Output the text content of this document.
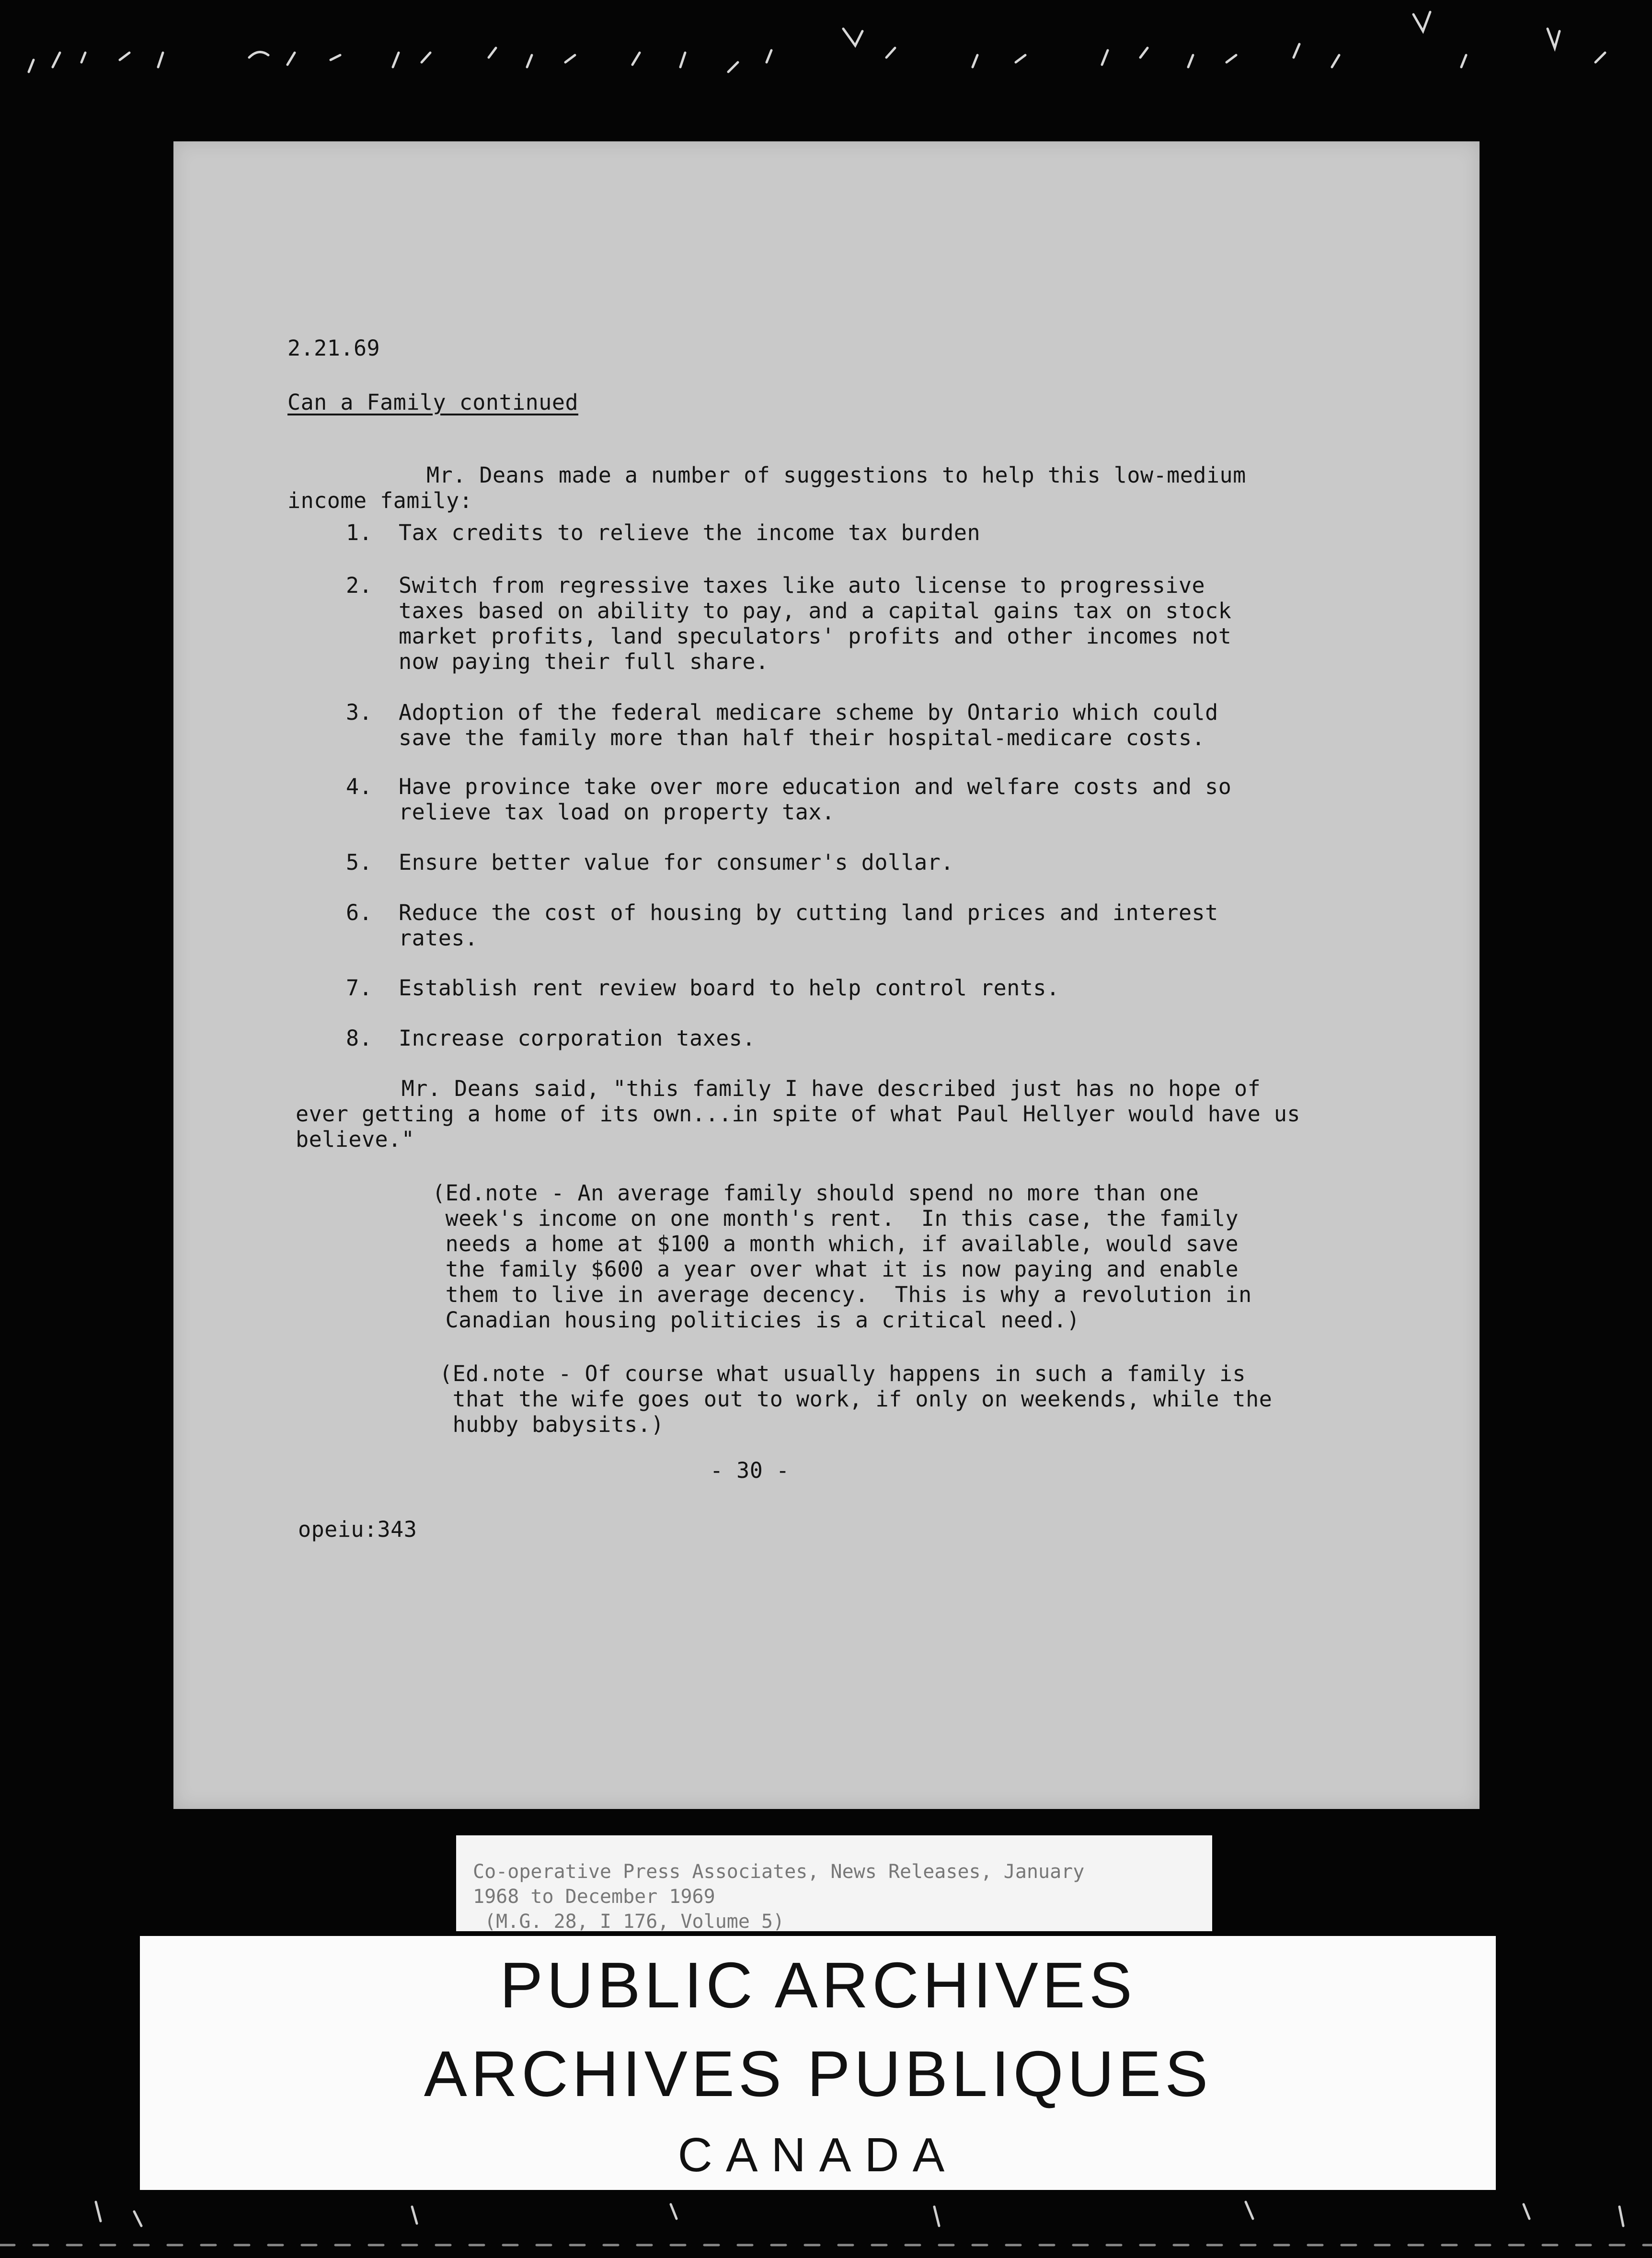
2.21.69
Can a Family continued
Mr. Deans made a number of suggestions to help this low-medium
income family:
1. Tax credits to relieve the income tax burden
2. Switch from regressive taxes like auto license to progressive
taxes based on ability to pay, and a capital gains tax on stock
market profits, land speculators' profits and other incomes not
now paying their full share.
3. Adoption of the federal medicare scheme by Ontario which could
save the family more than half their hospital-medicare costs.
4. Have province take over more education and welfare costs and so
relieve tax load on property tax.
5. Ensure better value for consumer's dollar.
6. Reduce the cost of housing by cutting land prices and interest
rates.
7. Establish rent review board to help control rents.
8. Increase corporation taxes.
Mr. Deans said, "this family I have described just has no hope of
ever getting a home of its own...in spite of what Paul Hellyer would have us
believe."
(Ed.note - An average family should spend no more than one
week's income on one month's rent.  In this case, the family
needs a home at $100 a month which, if available, would save
the family $600 a year over what it is now paying and enable
them to live in average decency.  This is why a revolution in
Canadian housing politicies is a critical need.)
(Ed.note - Of course what usually happens in such a family is
that the wife goes out to work, if only on weekends, while the
hubby babysits.)
- 30 -
opeiu:343
Co-operative Press Associates, News Releases, January
1968 to December 1969
(M.G. 28, I 176, Volume 5)
PUBLIC ARCHIVES
ARCHIVES PUBLIQUES
CANADA
